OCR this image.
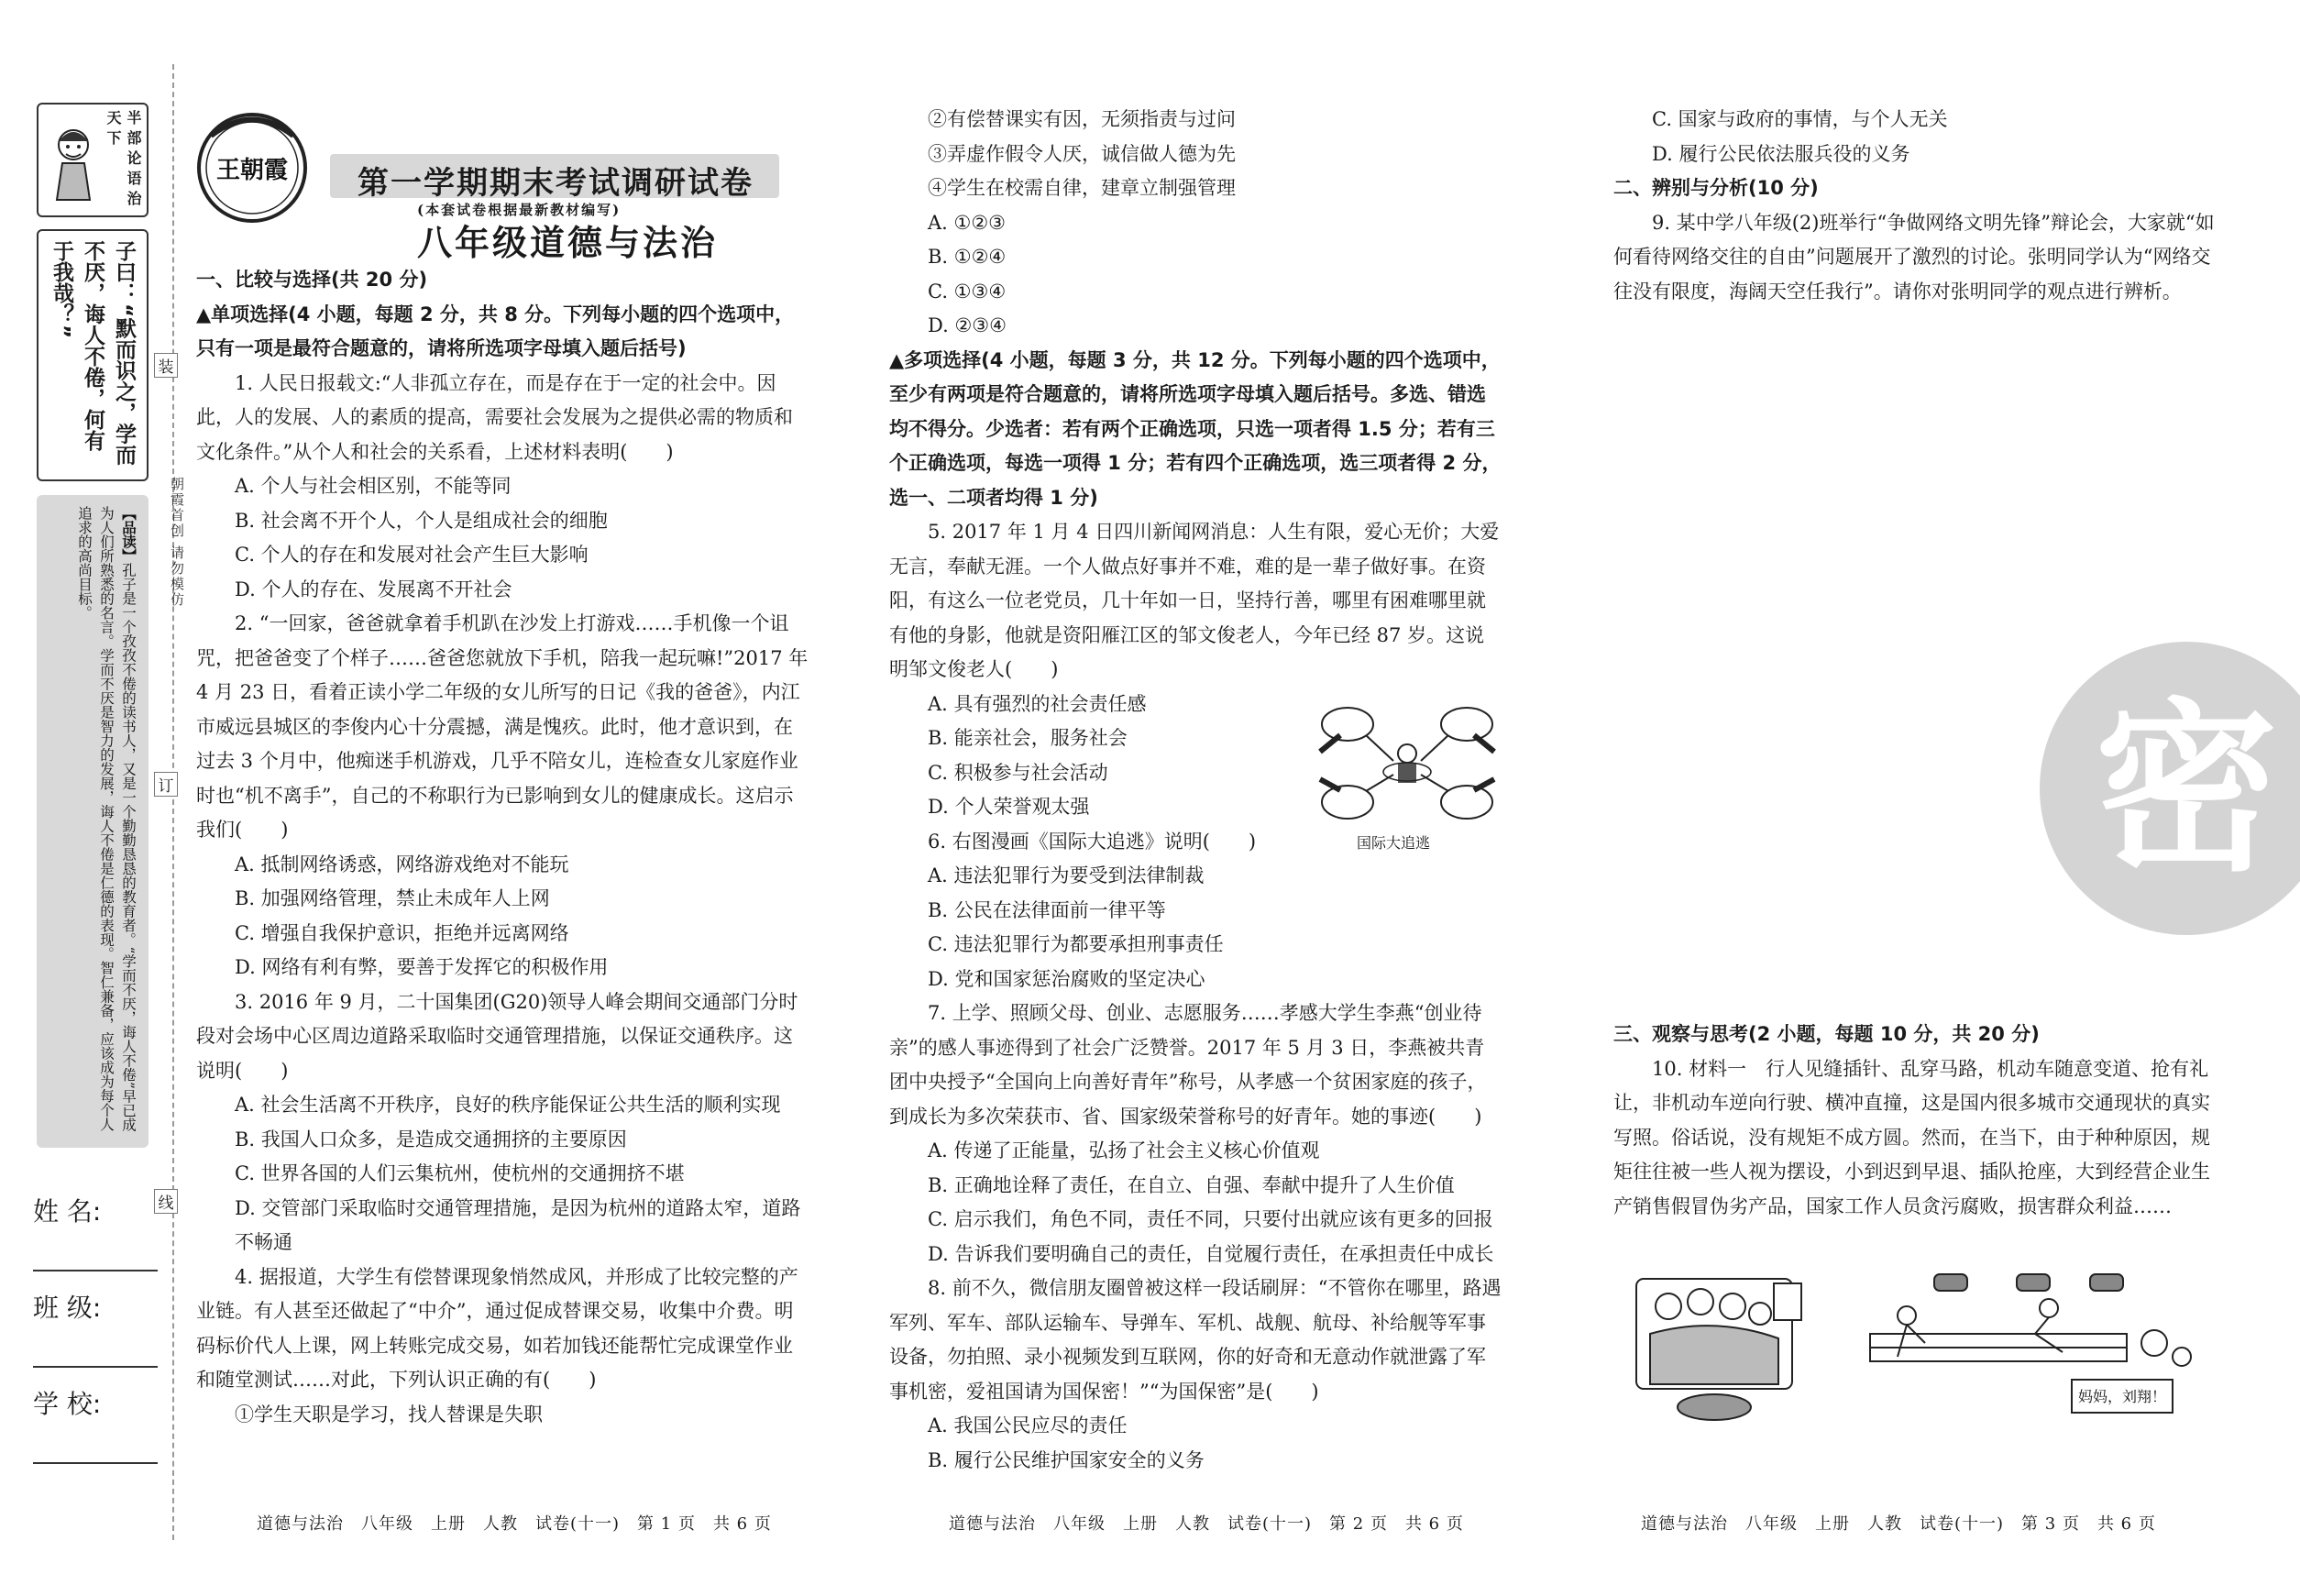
半部论语治天下
子曰：“默而识之，学而不厌，诲人不倦，何有于我哉？”
【品读】孔子是一个孜孜不倦的读书人，又是一个勤勤恳恳的教育者。“学而不厌，诲人不倦”早已成为人们所熟悉的名言。学而不厌是智力的发展，诲人不倦是仁德的表现。智仁兼备，应该成为每个人追求的高尚目标。
姓 名:
班 级:
学 校:
装
订
线
朝霞首创 请勿模仿
王朝霞 第一学期期末考试调研试卷
(本套试卷根据最新教材编写)
八年级道德与法治

一、比较与选择(共 20 分)

▲单项选择(4 小题，每题 2 分，共 8 分。下列每小题的四个选项中，只有一项是最符合题意的，请将所选项字母填入题后括号)

1. 人民日报载文:“人非孤立存在，而是存在于一定的社会中。因此，人的发展、人的素质的提高，需要社会发展为之提供必需的物质和文化条件。”从个人和社会的关系看，上述材料表明(　　)

A. 个人与社会相区别，不能等同

B. 社会离不开个人，个人是组成社会的细胞

C. 个人的存在和发展对社会产生巨大影响

D. 个人的存在、发展离不开社会

2. “一回家，爸爸就拿着手机趴在沙发上打游戏……手机像一个诅咒，把爸爸变了个样子……爸爸您就放下手机，陪我一起玩嘛!”2017 年 4 月 23 日，看着正读小学二年级的女儿所写的日记《我的爸爸》，内江市威远县城区的李俊内心十分震撼，满是愧疚。此时，他才意识到，在过去 3 个月中，他痴迷手机游戏，几乎不陪女儿，连检查女儿家庭作业时也“机不离手”，自己的不称职行为已影响到女儿的健康成长。这启示我们(　　)

A. 抵制网络诱惑，网络游戏绝对不能玩

B. 加强网络管理，禁止未成年人上网

C. 增强自我保护意识，拒绝并远离网络

D. 网络有利有弊，要善于发挥它的积极作用

3. 2016 年 9 月，二十国集团(G20)领导人峰会期间交通部门分时段对会场中心区周边道路采取临时交通管理措施，以保证交通秩序。这说明(　　)

A. 社会生活离不开秩序，良好的秩序能保证公共生活的顺利实现

B. 我国人口众多，是造成交通拥挤的主要原因

C. 世界各国的人们云集杭州，使杭州的交通拥挤不堪

D. 交管部门采取临时交通管理措施，是因为杭州的道路太窄，道路不畅通

4. 据报道，大学生有偿替课现象悄然成风，并形成了比较完整的产业链。有人甚至还做起了“中介”，通过促成替课交易，收集中介费。明码标价代人上课，网上转账完成交易，如若加钱还能帮忙完成课堂作业和随堂测试……对此，下列认识正确的有(　　)

①学生天职是学习，找人替课是失职

②有偿替课实有因，无须指责与过问

③弄虚作假令人厌，诚信做人德为先

④学生在校需自律，建章立制强管理

A. ①②③B. ①②④
C. ①③④D. ②③④

▲多项选择(4 小题，每题 3 分，共 12 分。下列每小题的四个选项中，至少有两项是符合题意的，请将所选项字母填入题后括号。多选、错选均不得分。少选者：若有两个正确选项，只选一项者得 1.5 分；若有三个正确选项，每选一项得 1 分；若有四个正确选项，选三项者得 2 分，选一、二项者均得 1 分)

5. 2017 年 1 月 4 日四川新闻网消息：人生有限，爱心无价；大爱无言，奉献无涯。一个人做点好事并不难，难的是一辈子做好事。在资阳，有这么一位老党员，几十年如一日，坚持行善，哪里有困难哪里就有他的身影，他就是资阳雁江区的邹文俊老人，今年已经 87 岁。这说明邹文俊老人(　　)

A. 具有强烈的社会责任感B. 能亲社会，服务社会
C. 积极参与社会活动D. 个人荣誉观太强

6. 右图漫画《国际大追逃》说明(　　)

A. 违法犯罪行为要受到法律制裁

B. 公民在法律面前一律平等

C. 违法犯罪行为都要承担刑事责任

D. 党和国家惩治腐败的坚定决心

7. 上学、照顾父母、创业、志愿服务……孝感大学生李燕“创业待亲”的感人事迹得到了社会广泛赞誉。2017 年 5 月 3 日，李燕被共青团中央授予“全国向上向善好青年”称号，从孝感一个贫困家庭的孩子，到成长为多次荣获市、省、国家级荣誉称号的好青年。她的事迹(　　)

A. 传递了正能量，弘扬了社会主义核心价值观

B. 正确地诠释了责任，在自立、自强、奉献中提升了人生价值

C. 启示我们，角色不同，责任不同，只要付出就应该有更多的回报

D. 告诉我们要明确自己的责任，自觉履行责任，在承担责任中成长

8. 前不久，微信朋友圈曾被这样一段话刷屏：“不管你在哪里，路遇军列、军车、部队运输车、导弹车、军机、战舰、航母、补给舰等军事设备，勿拍照、录小视频发到互联网，你的好奇和无意动作就泄露了军事机密，爱祖国请为国保密！”“为国保密”是(　　)

A. 我国公民应尽的责任

B. 履行公民维护国家安全的义务

国际大追逃

C. 国家与政府的事情，与个人无关

D. 履行公民依法服兵役的义务

二、辨别与分析(10 分)

9. 某中学八年级(2)班举行“争做网络文明先锋”辩论会，大家就“如何看待网络交往的自由”问题展开了激烈的讨论。张明同学认为“网络交往没有限度，海阔天空任我行”。请你对张明同学的观点进行辨析。

密

三、观察与思考(2 小题，每题 10 分，共 20 分)

10. 材料一　行人见缝插针、乱穿马路，机动车随意变道、抢有礼让，非机动车逆向行驶、横冲直撞，这是国内很多城市交通现状的真实写照。俗话说，没有规矩不成方圆。然而，在当下，由于种种原因，规矩往往被一些人视为摆设，小到迟到早退、插队抢座，大到经营企业生产销售假冒伪劣产品，国家工作人员贪污腐败，损害群众利益……

妈妈，刘翔！
道德与法治　八年级　上册　人教　试卷(十一)　第 1 页　共 6 页	道德与法治　八年级　上册　人教　试卷(十一)　第 2 页　共 6 页	道德与法治　八年级　上册　人教　试卷(十一)　第 3 页　共 6 页
